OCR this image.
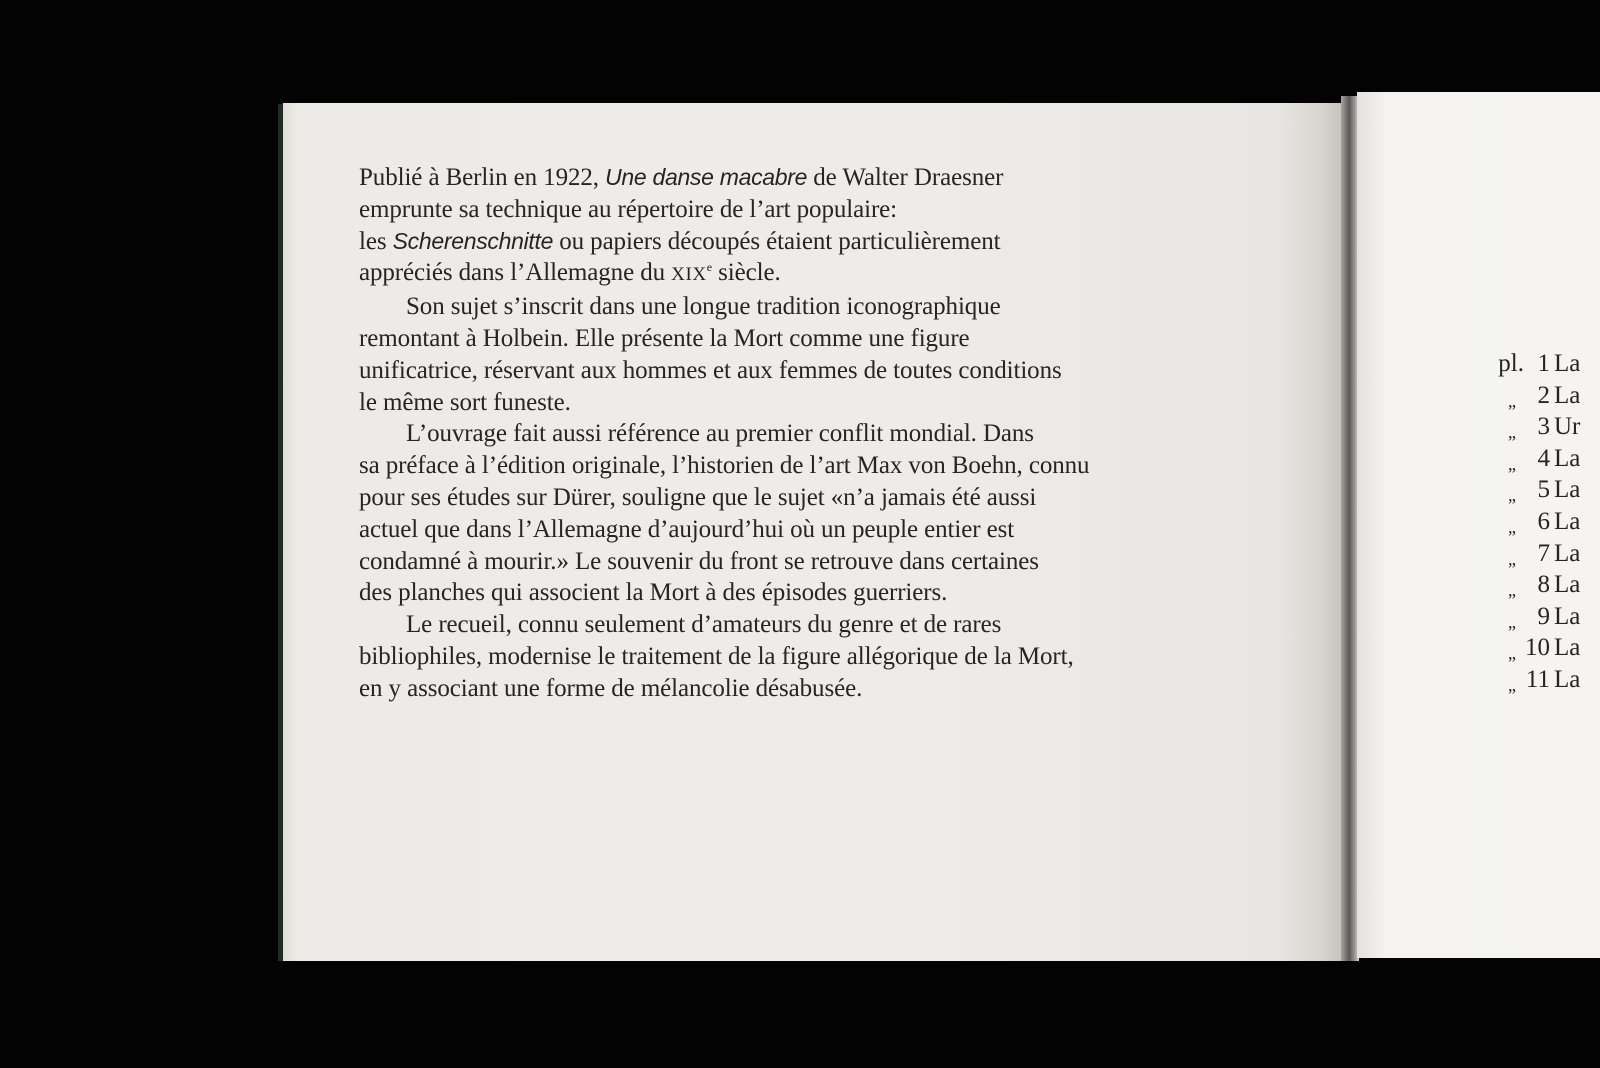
Publié à Berlin en 1922, Une danse macabre de Walter Draesner
emprunte sa technique au répertoire de l’art populaire:
les Scherenschnitte ou papiers découpés étaient particulièrement
appréciés dans l’Allemagne du XIXe siècle.

Son sujet s’inscrit dans une longue tradition iconographique
remontant à Holbein. Elle présente la Mort comme une figure
unificatrice, réservant aux hommes et aux femmes de toutes conditions
le même sort funeste.

L’ouvrage fait aussi référence au premier conflit mondial. Dans
sa préface à l’édition originale, l’historien de l’art Max von Boehn, connu
pour ses études sur Dürer, souligne que le sujet «n’a jamais été aussi
actuel que dans l’Allemagne d’aujourd’hui où un peuple entier est
condamné à mourir.» Le souvenir du front se retrouve dans certaines
des planches qui associent la Mort à des épisodes guerriers.

Le recueil, connu seulement d’amateurs du genre et de rares
bibliophiles, modernise le traitement de la figure allégorique de la Mort,
en y associant une forme de mélancolie désabusée.

pl. 1 La
„ 2 La
„ 3 Ur
„ 4 La
„ 5 La
„ 6 La
„ 7 La
„ 8 La
„ 9 La
„ 10 La
„ 11 La
